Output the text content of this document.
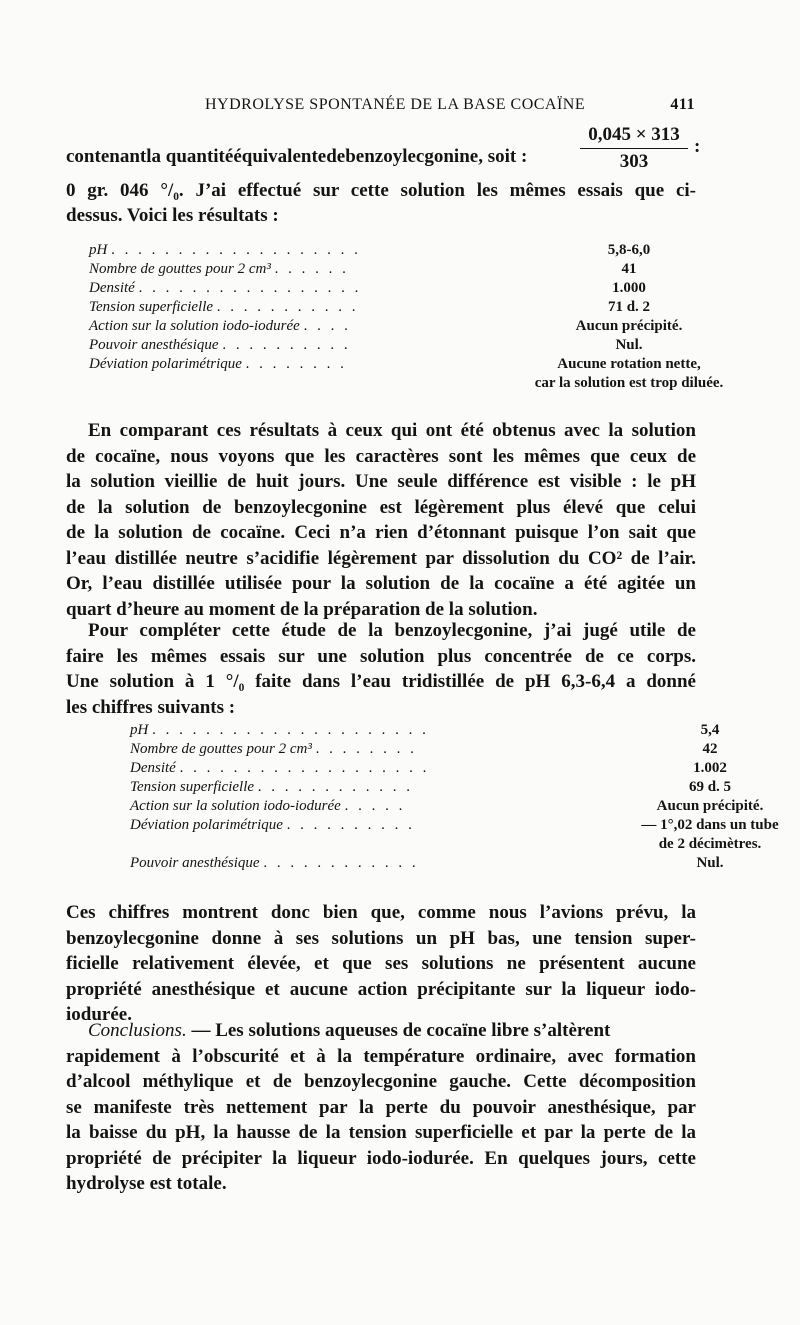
HYDROLYSE SPONTANÉE DE LA BASE COCAÏNE	411
contenantla quantitééquivalentedebenzoylecgonine, soit :	$\frac{0,045 \times 313}{303}$ :
0 gr. 046 °/₀. J’ai effectué sur cette solution les mêmes essais que ci-
dessus. Voici les résultats :
pH . . . . . . . . . . . . . . . . . . .	5,8-6,0
Nombre de gouttes pour 2 cm³ . . . . . .	41
Densité . . . . . . . . . . . . . . . . .	1.000
Tension superficielle . . . . . . . . . . .	71 d. 2
Action sur la solution iodo-iodurée . . . .	Aucun précipité.
Pouvoir anesthésique . . . . . . . . . .	Nul.
Déviation polarimétrique . . . . . . . .	Aucune rotation nette,
car la solution est trop diluée.
En comparant ces résultats à ceux qui ont été obtenus avec la solution
de cocaïne, nous voyons que les caractères sont les mêmes que ceux de
la solution vieillie de huit jours. Une seule différence est visible : le pH
de la solution de benzoylecgonine est légèrement plus élevé que celui
de la solution de cocaïne. Ceci n’a rien d’étonnant puisque l’on sait que
l’eau distillée neutre s’acidifie légèrement par dissolution du CO² de l’air.
Or, l’eau distillée utilisée pour la solution de la cocaïne a été agitée un
quart d’heure au moment de la préparation de la solution.
Pour compléter cette étude de la benzoylecgonine, j’ai jugé utile de
faire les mêmes essais sur une solution plus concentrée de ce corps.
Une solution à 1 °/₀ faite dans l’eau tridistillée de pH 6,3-6,4 a donné
les chiffres suivants :
pH . . . . . . . . . . . . . . . . . . . . .	5,4
Nombre de gouttes pour 2 cm³ . . . . . . . .	42
Densité . . . . . . . . . . . . . . . . . . .	1.002
Tension superficielle . . . . . . . . . . . .	69 d. 5
Action sur la solution iodo-iodurée . . . . .	Aucun précipité.
Déviation polarimétrique . . . . . . . . . .	— 1°,02 dans un tube
de 2 décimètres.
Pouvoir anesthésique . . . . . . . . . . . .	Nul.
Ces chiffres montrent donc bien que, comme nous l’avions prévu, la
benzoylecgonine donne à ses solutions un pH bas, une tension super-
ficielle relativement élevée, et que ses solutions ne présentent aucune
propriété anesthésique et aucune action précipitante sur la liqueur iodo-
iodurée.
Conclusions. — Les solutions aqueuses de cocaïne libre s’altèrent
rapidement à l’obscurité et à la température ordinaire, avec formation
d’alcool méthylique et de benzoylecgonine gauche. Cette décomposition
se manifeste très nettement par la perte du pouvoir anesthésique, par
la baisse du pH, la hausse de la tension superficielle et par la perte de la
propriété de précipiter la liqueur iodo-iodurée. En quelques jours, cette
hydrolyse est totale.
